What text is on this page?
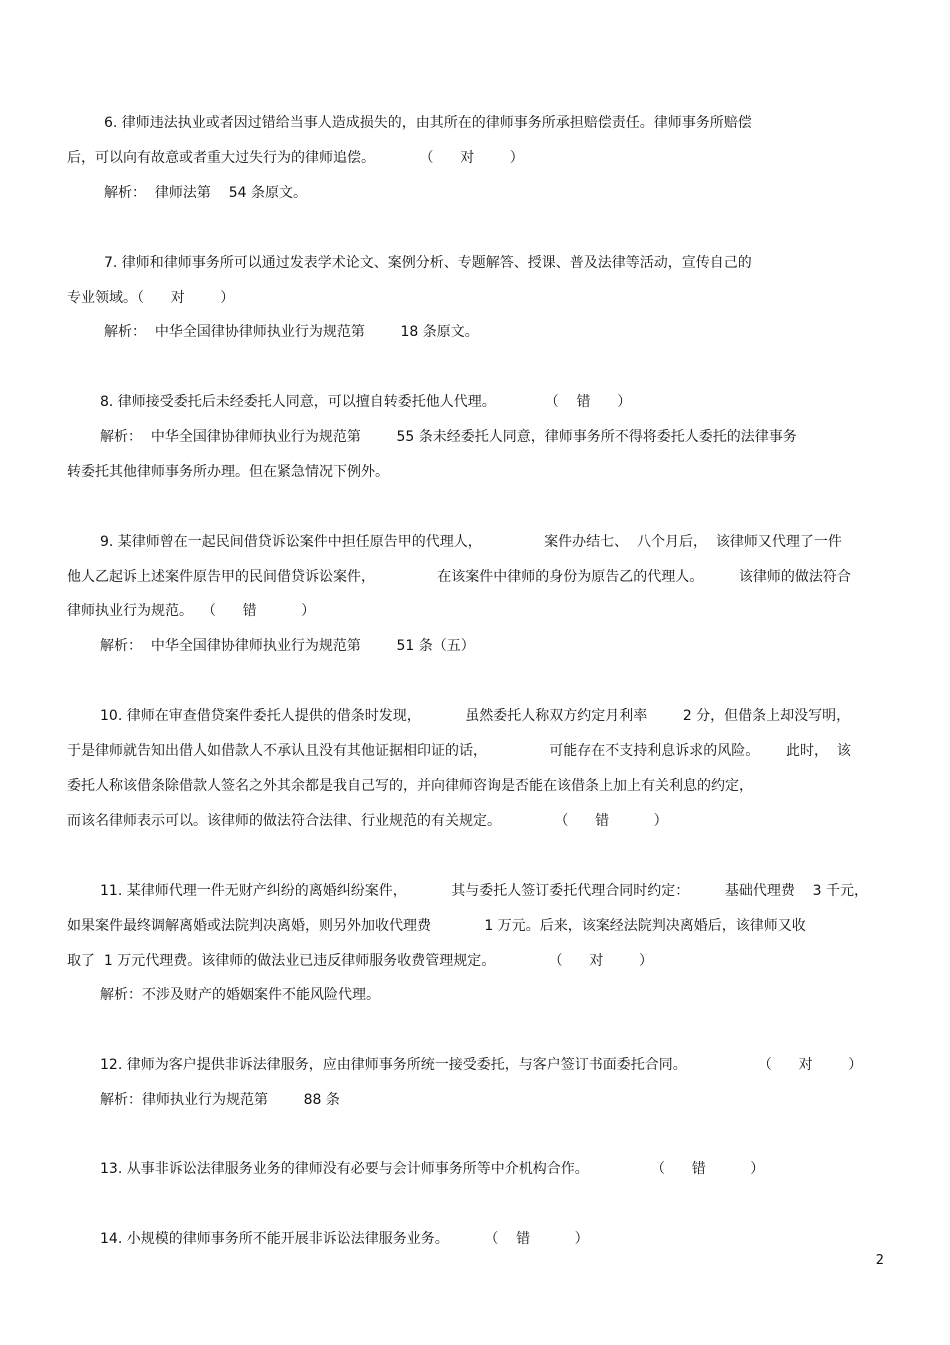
6. 律师违法执业或者因过错给当事人造成损失的，由其所在的律师事务所承担赔偿责任。律师事务所赔偿
后，可以向有故意或者重大过失行为的律师追偿。          （      对        ）
解析：  律师法第    54 条原文。
7. 律师和律师事务所可以通过发表学术论文、案例分析、专题解答、授课、普及法律等活动，宣传自己的
专业领域。（      对        ）
解析：  中华全国律协律师执业行为规范第        18 条原文。
8. 律师接受委托后未经委托人同意，可以擅自转委托他人代理。           （    错      ）
解析：  中华全国律协律师执业行为规范第        55 条未经委托人同意，律师事务所不得将委托人委托的法律事务
转委托其他律师事务所办理。但在紧急情况下例外。
9. 某律师曾在一起民间借贷诉讼案件中担任原告甲的代理人，              案件办结七、  八个月后，  该律师又代理了一件
他人乙起诉上述案件原告甲的民间借贷诉讼案件，              在该案件中律师的身份为原告乙的代理人。        该律师的做法符合
律师执业行为规范。  （      错          ）
解析：  中华全国律协律师执业行为规范第        51 条（五）
10. 律师在审查借贷案件委托人提供的借条时发现，          虽然委托人称双方约定月利率        2 分，但借条上却没写明，
于是律师就告知出借人如借款人不承认且没有其他证据相印证的话，              可能存在不支持利息诉求的风险。      此时，  该
委托人称该借条除借款人签名之外其余都是我自己写的，并向律师咨询是否能在该借条上加上有关利息的约定，
而该名律师表示可以。该律师的做法符合法律、行业规范的有关规定。            （      错          ）
11. 某律师代理一件无财产纠纷的离婚纠纷案件，          其与委托人签订委托代理合同时约定：        基础代理费    3 千元，
如果案件最终调解离婚或法院判决离婚，则另外加收代理费            1 万元。后来，该案经法院判决离婚后，该律师又收
取了  1 万元代理费。该律师的做法业已违反律师服务收费管理规定。            （      对        ）
解析：不涉及财产的婚姻案件不能风险代理。
12. 律师为客户提供非诉法律服务，应由律师事务所统一接受委托，与客户签订书面委托合同。                （      对        ）
解析：律师执业行为规范第        88 条
13. 从事非诉讼法律服务业务的律师没有必要与会计师事务所等中介机构合作。              （      错          ）
14. 小规模的律师事务所不能开展非诉讼法律服务业务。        （    错          ）
2
